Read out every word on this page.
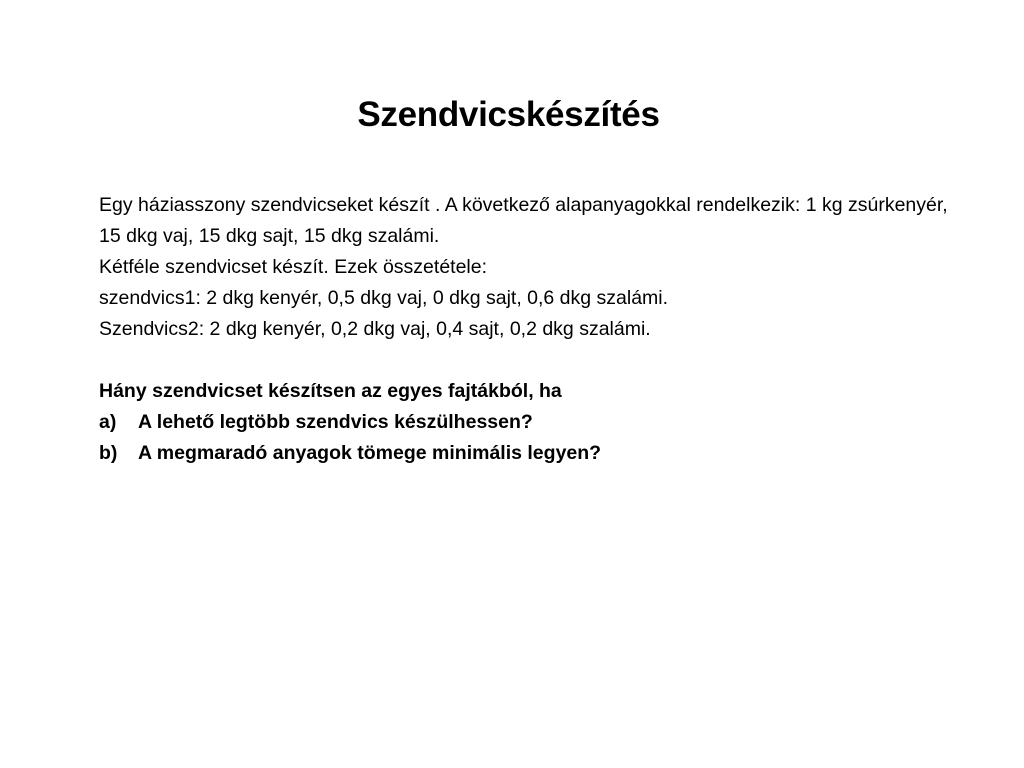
Szendvicskészítés

Egy háziasszony szendvicseket készít . A következő alapanyagokkal rendelkezik: 1 kg zsúrkenyér, 15 dkg vaj, 15 dkg sajt, 15 dkg szalámi.

Kétféle szendvicset készít. Ezek összetétele:

szendvics1: 2 dkg kenyér, 0,5 dkg vaj, 0 dkg sajt, 0,6 dkg szalámi.

Szendvics2: 2 dkg kenyér, 0,2 dkg vaj, 0,4 sajt, 0,2 dkg szalámi.

Hány szendvicset készítsen az egyes fajtákból, ha

a)	A lehető legtöbb szendvics készülhessen?
b)	A megmaradó anyagok tömege minimális legyen?
